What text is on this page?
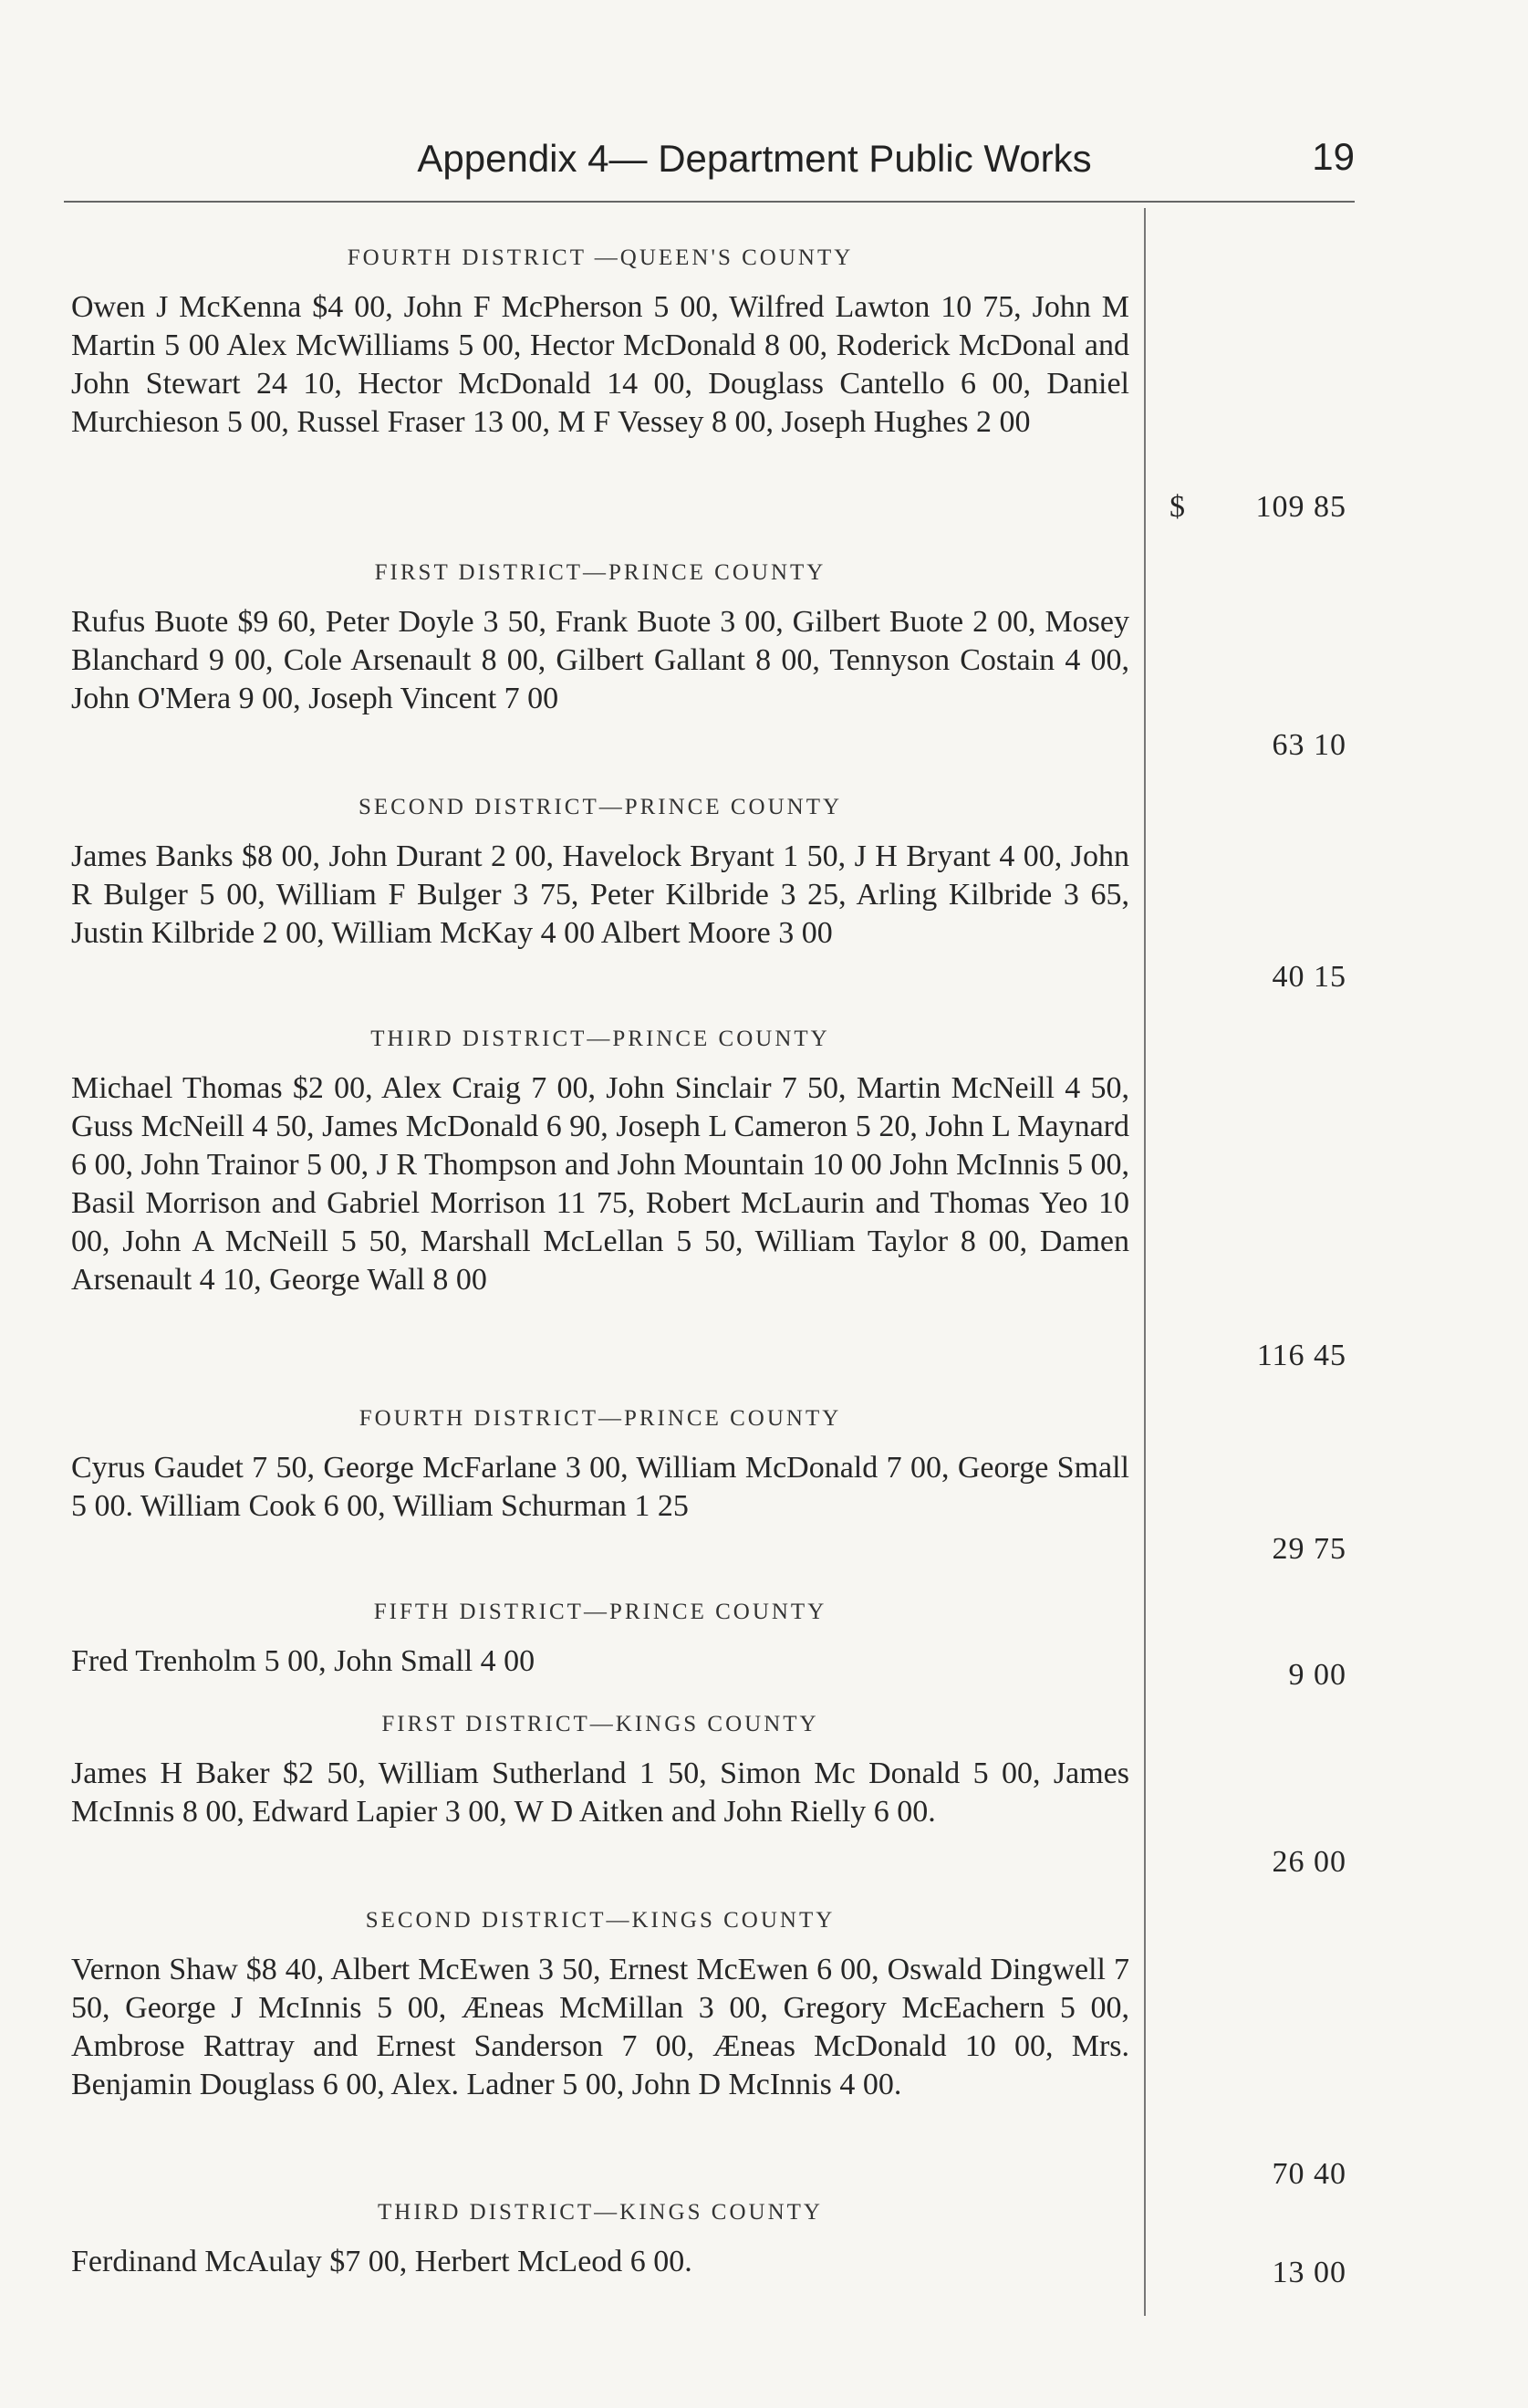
Appendix 4— Department Public Works	19

FOURTH DISTRICT —QUEEN'S COUNTY

Owen J McKenna $4 00, John F McPherson 5 00, Wilfred Lawton 10 75, John M Martin 5 00 Alex McWilliams 5 00, Hector McDonald 8 00, Roderick McDonal and John Stewart 24 10, Hector McDonald 14 00, Douglass Cantello 6 00, Daniel Murchieson 5 00, Russel Fraser 13 00, M F Vessey 8 00, Joseph Hughes 2 00

$ 109 85

FIRST DISTRICT—PRINCE COUNTY

Rufus Buote $9 60, Peter Doyle 3 50, Frank Buote 3 00, Gilbert Buote 2 00, Mosey Blanchard 9 00, Cole Arsenault 8 00, Gilbert Gallant 8 00, Tennyson Costain 4 00, John O'Mera 9 00, Joseph Vincent 7 00

63 10

SECOND DISTRICT—PRINCE COUNTY

James Banks $8 00, John Durant 2 00, Havelock Bryant 1 50, J H Bryant 4 00, John R Bulger 5 00, William F Bulger 3 75, Peter Kilbride 3 25, Arling Kilbride 3 65, Justin Kilbride 2 00, William McKay 4 00 Albert Moore 3 00

40 15

THIRD DISTRICT—PRINCE COUNTY

Michael Thomas $2 00, Alex Craig 7 00, John Sinclair 7 50, Martin McNeill 4 50, Guss McNeill 4 50, James McDonald 6 90, Joseph L Cameron 5 20, John L Maynard 6 00, John Trainor 5 00, J R Thompson and John Mountain 10 00 John McInnis 5 00, Basil Morrison and Gabriel Morrison 11 75, Robert McLaurin and Thomas Yeo 10 00, John A McNeill 5 50, Marshall McLellan 5 50, William Taylor 8 00, Damen Arsenault 4 10, George Wall 8 00

116 45

FOURTH DISTRICT—PRINCE COUNTY

Cyrus Gaudet 7 50, George McFarlane 3 00, William McDonald 7 00, George Small 5 00. William Cook 6 00, William Schurman 1 25

29 75

FIFTH DISTRICT—PRINCE COUNTY

Fred Trenholm 5 00, John Small 4 00	9 00

FIRST DISTRICT—KINGS COUNTY

James H Baker $2 50, William Sutherland 1 50, Simon Mc Donald 5 00, James McInnis 8 00, Edward Lapier 3 00, W D Aitken and John Rielly 6 00.

26 00

SECOND DISTRICT—KINGS COUNTY

Vernon Shaw $8 40, Albert McEwen 3 50, Ernest McEwen 6 00, Oswald Dingwell 7 50, George J McInnis 5 00, Æneas McMillan 3 00, Gregory McEachern 5 00, Ambrose Rattray and Ernest Sanderson 7 00, Æneas McDonald 10 00, Mrs. Benjamin Douglass 6 00, Alex. Ladner 5 00, John D McInnis 4 00.

70 40

THIRD DISTRICT—KINGS COUNTY

Ferdinand McAulay $7 00, Herbert McLeod 6 00.	13 00
